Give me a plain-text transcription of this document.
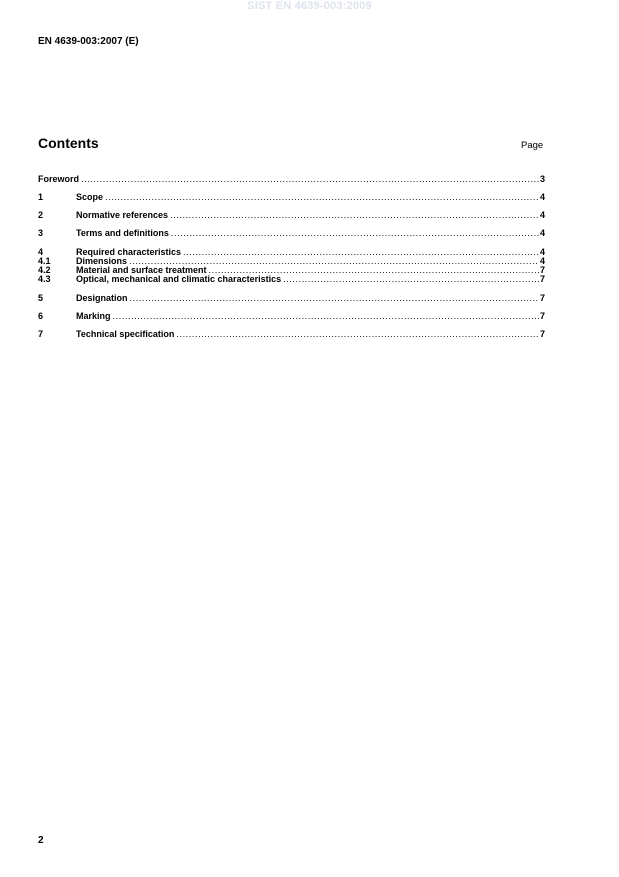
SIST EN 4639-003:2009
EN 4639-003:2007 (E)
Contents	Page
Foreword .....	3
1	Scope .....	4
2	Normative references .....	4
3	Terms and definitions .....	4
4	Required characteristics .....	4
4.1	Dimensions .....	4
4.2	Material and surface treatment .....	7
4.3	Optical, mechanical and climatic characteristics .....	7
5	Designation .....	7
6	Marking .....	7
7	Technical specification .....	7
2
